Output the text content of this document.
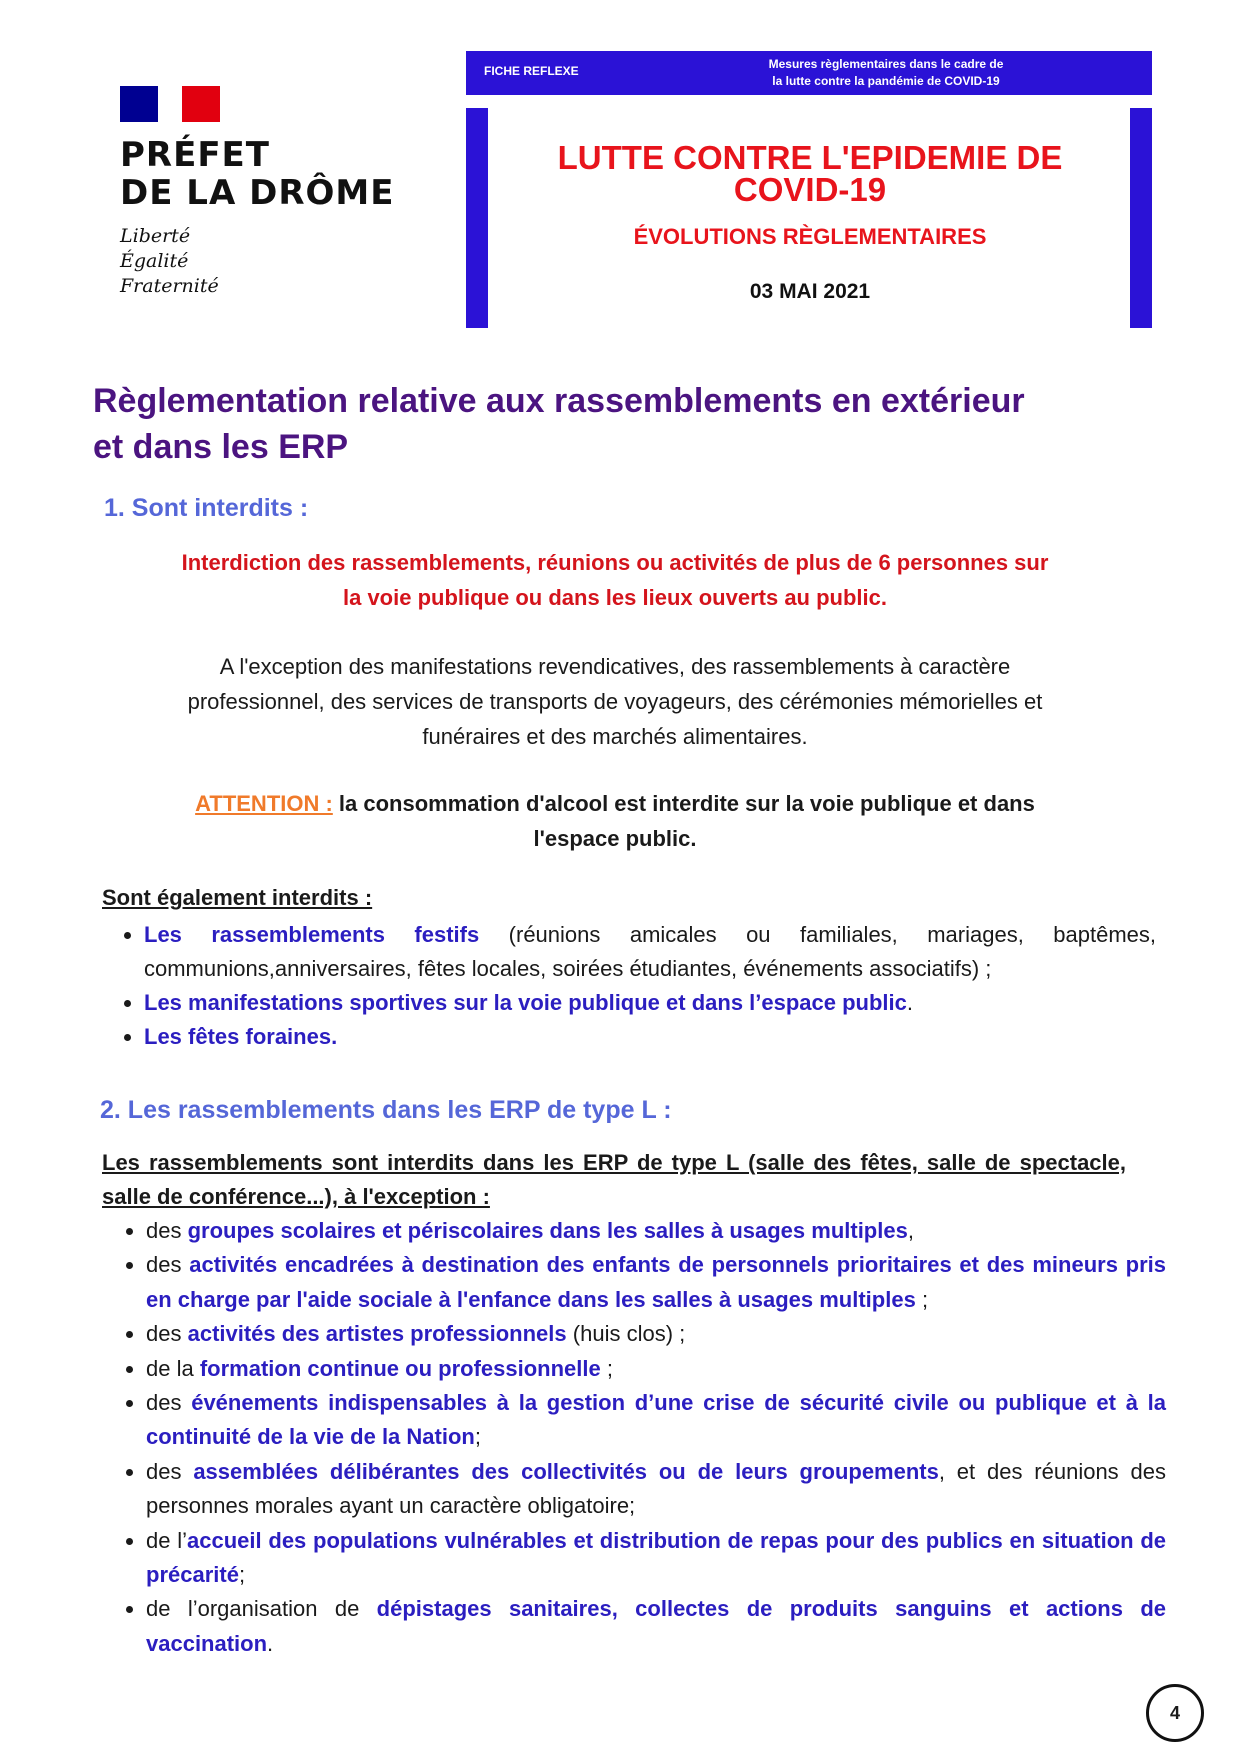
PRÉFET
DE LA DRÔME
Liberté
Égalité
Fraternité
FICHE REFLEXE	Mesures règlementaires dans le cadre de
la lutte contre la pandémie de COVID-19
LUTTE CONTRE L'EPIDEMIE DE
COVID-19
ÉVOLUTIONS RÈGLEMENTAIRES
03 MAI 2021
Règlementation relative aux rassemblements en extérieur
et dans les ERP
1. Sont interdits :
Interdiction des rassemblements, réunions ou activités de plus de 6 personnes sur
la voie publique ou dans les lieux ouverts au public.
A l'exception des manifestations revendicatives, des rassemblements à caractère
professionnel, des services de transports de voyageurs, des cérémonies mémorielles et
funéraires et des marchés alimentaires.
ATTENTION : la consommation d'alcool est interdite sur la voie publique et dans
l'espace public.
Sont également interdits :
• Les rassemblements festifs (réunions amicales ou familiales, mariages, baptêmes, communions,anniversaires, fêtes locales, soirées étudiantes, événements associatifs) ;
• Les manifestations sportives sur la voie publique et dans l’espace public.
• Les fêtes foraines.
2. Les rassemblements dans les ERP de type L :
Les rassemblements sont interdits dans les ERP de type L (salle des fêtes, salle de spectacle, salle de conférence...), à l'exception :
• des groupes scolaires et périscolaires dans les salles à usages multiples,
• des activités encadrées à destination des enfants de personnels prioritaires et des mineurs pris en charge par l'aide sociale à l'enfance dans les salles à usages multiples ;
• des activités des artistes professionnels (huis clos) ;
• de la formation continue ou professionnelle ;
• des événements indispensables à la gestion d’une crise de sécurité civile ou publique et à la continuité de la vie de la Nation;
• des assemblées délibérantes des collectivités ou de leurs groupements, et des réunions des personnes morales ayant un caractère obligatoire;
• de l’accueil des populations vulnérables et distribution de repas pour des publics en situation de précarité;
• de l’organisation de dépistages sanitaires, collectes de produits sanguins et actions de vaccination.
4
